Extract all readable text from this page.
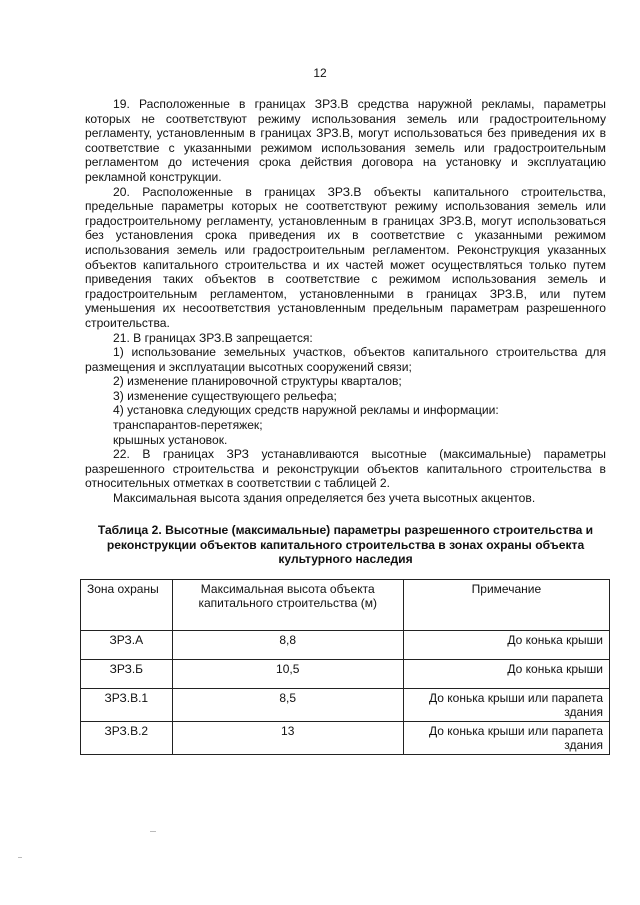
12

19. Расположенные в границах ЗРЗ.В средства наружной рекламы, параметры которых не соответствуют режиму использования земель или градостроительному регламенту, установленным в границах ЗРЗ.В, могут использоваться без приведения их в соответствие с указанными режимом использования земель или градостроительным регламентом до истечения срока действия договора на установку и эксплуатацию рекламной конструкции.

20. Расположенные в границах ЗРЗ.В объекты капитального строительства, предельные параметры которых не соответствуют режиму использования земель или градостроительному регламенту, установленным в границах ЗРЗ.В, могут использоваться без установления срока приведения их в соответствие с указанными режимом использования земель или градостроительным регламентом. Реконструкция указанных объектов капитального строительства и их частей может осуществляться только путем приведения таких объектов в соответствие с режимом использования земель и градостроительным регламентом, установленными в границах ЗРЗ.В, или путем уменьшения их несоответствия установленным предельным параметрам разрешенного строительства.

21. В границах ЗРЗ.В запрещается:

1) использование земельных участков, объектов капитального строительства для размещения и эксплуатации высотных сооружений связи;

2) изменение планировочной структуры кварталов;

3) изменение существующего рельефа;

4) установка следующих средств наружной рекламы и информации:

транспарантов-перетяжек;

крышных установок.

22. В границах ЗРЗ устанавливаются высотные (максимальные) параметры разрешенного строительства и реконструкции объектов капитального строительства в относительных отметках в соответствии с таблицей 2.

Максимальная высота здания определяется без учета высотных акцентов.

Таблица 2. Высотные (максимальные) параметры разрешенного строительства и реконструкции объектов капитального строительства в зонах охраны объекта культурного наследия

Зона охраны	Максимальная высота объекта капитального строительства (м)	Примечание
ЗРЗ.А	8,8	До конька крыши
ЗРЗ.Б	10,5	До конька крыши
ЗРЗ.В.1	8,5	До конька крыши или парапета здания
ЗРЗ.В.2	13	До конька крыши или парапета здания
